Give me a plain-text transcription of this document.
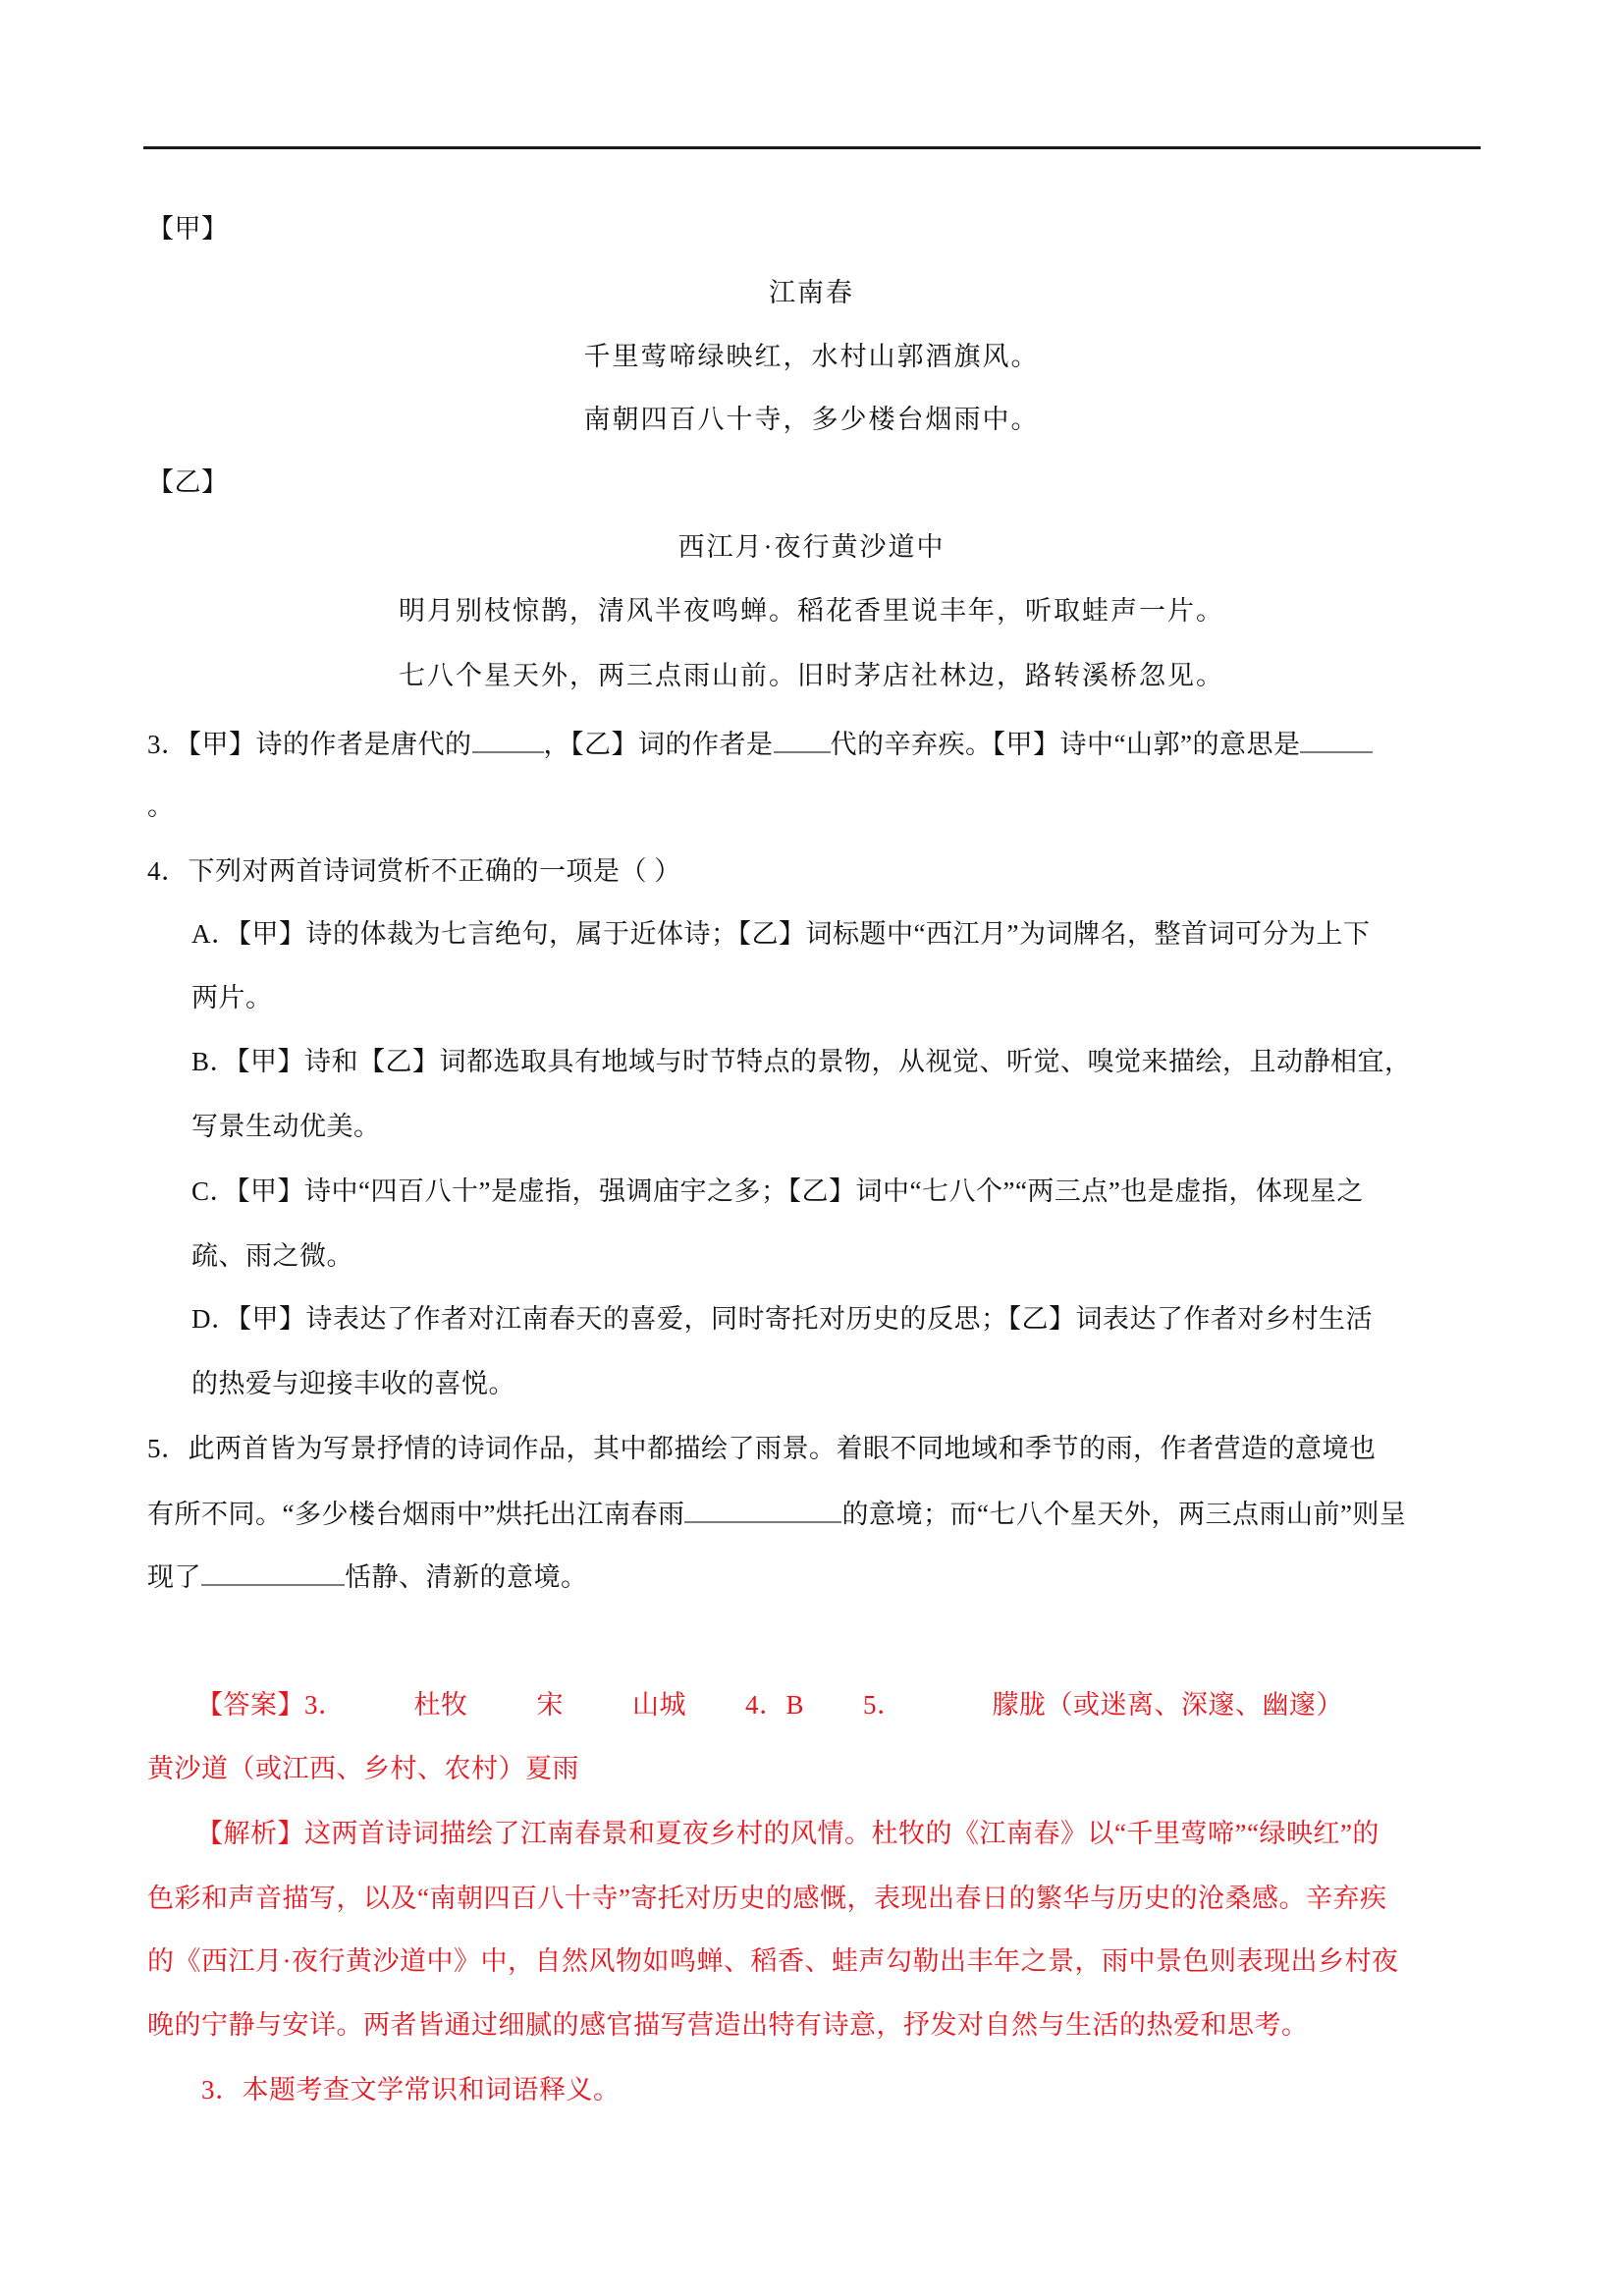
【甲】
江南春
千里莺啼绿映红，水村山郭酒旗风。
南朝四百八十寺，多少楼台烟雨中。
【乙】
西江月·夜行黄沙道中
明月别枝惊鹊，清风半夜鸣蝉。稻花香里说丰年，听取蛙声一片。
七八个星天外，两三点雨山前。旧时茅店社林边，路转溪桥忽见。
3．【甲】诗的作者是唐代的	，【乙】词的作者是 代的辛弃疾。【甲】诗中“山郭”的意思是
。
4．下列对两首诗词赏析不正确的一项是（ ）
A．【甲】诗的体裁为七言绝句，属于近体诗；【乙】词标题中“西江月”为词牌名，整首词可分为上下
两片。
B．【甲】诗和【乙】词都选取具有地域与时节特点的景物，从视觉、听觉、嗅觉来描绘，且动静相宜，
写景生动优美。
C．【甲】诗中“四百八十”是虚指，强调庙宇之多；【乙】词中“七八个”“两三点”也是虚指，体现星之
疏、雨之微。
D．【甲】诗表达了作者对江南春天的喜爱，同时寄托对历史的反思；【乙】词表达了作者对乡村生活
的热爱与迎接丰收的喜悦。
5．此两首皆为写景抒情的诗词作品，其中都描绘了雨景。着眼不同地域和季节的雨，作者营造的意境也
有所不同。“多少楼台烟雨中”烘托出江南春雨	的意境；而“七八个星天外，两三点雨山前”则呈
现了	恬静、清新的意境。
【答案】3．	杜牧	宋	山城 4．B 5．	朦胧（或迷离、深邃、幽邃）
黄沙道（或江西、乡村、农村）夏雨
【解析】这两首诗词描绘了江南春景和夏夜乡村的风情。杜牧的《江南春》以“千里莺啼”“绿映红”的
色彩和声音描写，以及“南朝四百八十寺”寄托对历史的感慨，表现出春日的繁华与历史的沧桑感。辛弃疾
的《西江月·夜行黄沙道中》中，自然风物如鸣蝉、稻香、蛙声勾勒出丰年之景，雨中景色则表现出乡村夜
晚的宁静与安详。两者皆通过细腻的感官描写营造出特有诗意，抒发对自然与生活的热爱和思考。
3．本题考查文学常识和词语释义。
